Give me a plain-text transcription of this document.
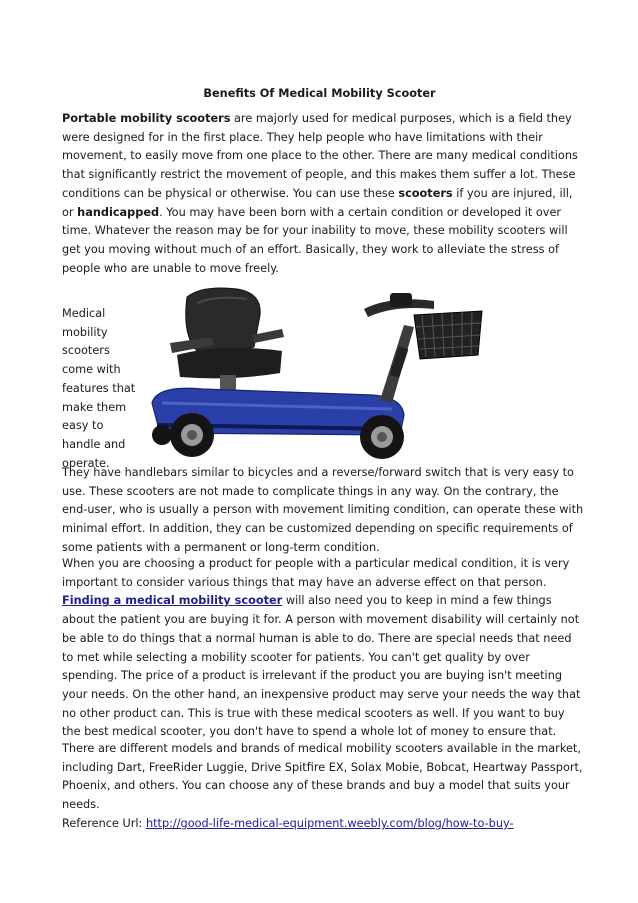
Benefits Of Medical Mobility Scooter

Portable mobility scooters are majorly used for medical purposes, which is a field they were designed for in the first place. They help people who have limitations with their movement, to easily move from one place to the other. There are many medical conditions that significantly restrict the movement of people, and this makes them suffer a lot. These conditions can be physical or otherwise. You can use these scooters if you are injured, ill, or handicapped. You may have been born with a certain condition or developed it over time. Whatever the reason may be for your inability to move, these mobility scooters will get you moving without much of an effort. Basically, they work to alleviate the stress of people who are unable to move freely.

Medical mobility scooters come with features that make them easy to handle and operate.

They have handlebars similar to bicycles and a reverse/forward switch that is very easy to use. These scooters are not made to complicate things in any way. On the contrary, the end-user, who is usually a person with movement limiting condition, can operate these with minimal effort. In addition, they can be customized depending on specific requirements of some patients with a permanent or long-term condition.

When you are choosing a product for people with a particular medical condition, it is very important to consider various things that may have an adverse effect on that person. Finding a medical mobility scooter will also need you to keep in mind a few things about the patient you are buying it for. A person with movement disability will certainly not be able to do things that a normal human is able to do. There are special needs that need to met while selecting a mobility scooter for patients. You can't get quality by over spending. The price of a product is irrelevant if the product you are buying isn't meeting your needs. On the other hand, an inexpensive product may serve your needs the way that no other product can. This is true with these medical scooters as well. If you want to buy the best medical scooter, you don't have to spend a whole lot of money to ensure that.

There are different models and brands of medical mobility scooters available in the market, including Dart, FreeRider Luggie, Drive Spitfire EX, Solax Mobie, Bobcat, Heartway Passport, Phoenix, and others. You can choose any of these brands and buy a model that suits your needs.

Reference Url: http://good-life-medical-equipment.weebly.com/blog/how-to-buy-
